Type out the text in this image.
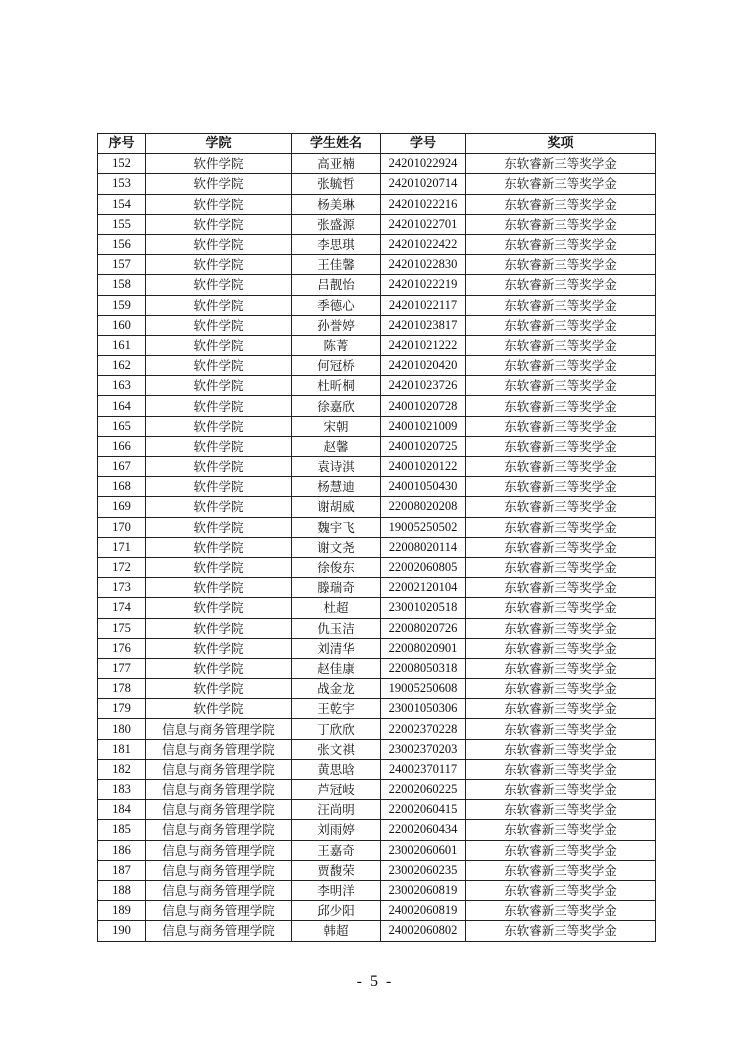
序号	学院	学生姓名	学号	奖项
152	软件学院	高亚楠	24201022924	东软睿新三等奖学金
153	软件学院	张毓哲	24201020714	东软睿新三等奖学金
154	软件学院	杨美琳	24201022216	东软睿新三等奖学金
155	软件学院	张盛源	24201022701	东软睿新三等奖学金
156	软件学院	李思琪	24201022422	东软睿新三等奖学金
157	软件学院	王佳馨	24201022830	东软睿新三等奖学金
158	软件学院	吕靓怡	24201022219	东软睿新三等奖学金
159	软件学院	季德心	24201022117	东软睿新三等奖学金
160	软件学院	孙誉婷	24201023817	东软睿新三等奖学金
161	软件学院	陈菁	24201021222	东软睿新三等奖学金
162	软件学院	何冠桥	24201020420	东软睿新三等奖学金
163	软件学院	杜昕桐	24201023726	东软睿新三等奖学金
164	软件学院	徐嘉欣	24001020728	东软睿新三等奖学金
165	软件学院	宋朝	24001021009	东软睿新三等奖学金
166	软件学院	赵馨	24001020725	东软睿新三等奖学金
167	软件学院	袁诗淇	24001020122	东软睿新三等奖学金
168	软件学院	杨慧迪	24001050430	东软睿新三等奖学金
169	软件学院	谢胡威	22008020208	东软睿新三等奖学金
170	软件学院	魏宇飞	19005250502	东软睿新三等奖学金
171	软件学院	谢文尧	22008020114	东软睿新三等奖学金
172	软件学院	徐俊东	22002060805	东软睿新三等奖学金
173	软件学院	滕瑞奇	22002120104	东软睿新三等奖学金
174	软件学院	杜超	23001020518	东软睿新三等奖学金
175	软件学院	仇玉洁	22008020726	东软睿新三等奖学金
176	软件学院	刘清华	22008020901	东软睿新三等奖学金
177	软件学院	赵佳康	22008050318	东软睿新三等奖学金
178	软件学院	战金龙	19005250608	东软睿新三等奖学金
179	软件学院	王乾宇	23001050306	东软睿新三等奖学金
180	信息与商务管理学院	丁欣欣	22002370228	东软睿新三等奖学金
181	信息与商务管理学院	张文祺	23002370203	东软睿新三等奖学金
182	信息与商务管理学院	黄思晗	24002370117	东软睿新三等奖学金
183	信息与商务管理学院	芦冠岐	22002060225	东软睿新三等奖学金
184	信息与商务管理学院	汪尚明	22002060415	东软睿新三等奖学金
185	信息与商务管理学院	刘雨婷	22002060434	东软睿新三等奖学金
186	信息与商务管理学院	王嘉奇	23002060601	东软睿新三等奖学金
187	信息与商务管理学院	贾馥荣	23002060235	东软睿新三等奖学金
188	信息与商务管理学院	李明洋	23002060819	东软睿新三等奖学金
189	信息与商务管理学院	邱少阳	24002060819	东软睿新三等奖学金
190	信息与商务管理学院	韩超	24002060802	东软睿新三等奖学金
- 5 -
